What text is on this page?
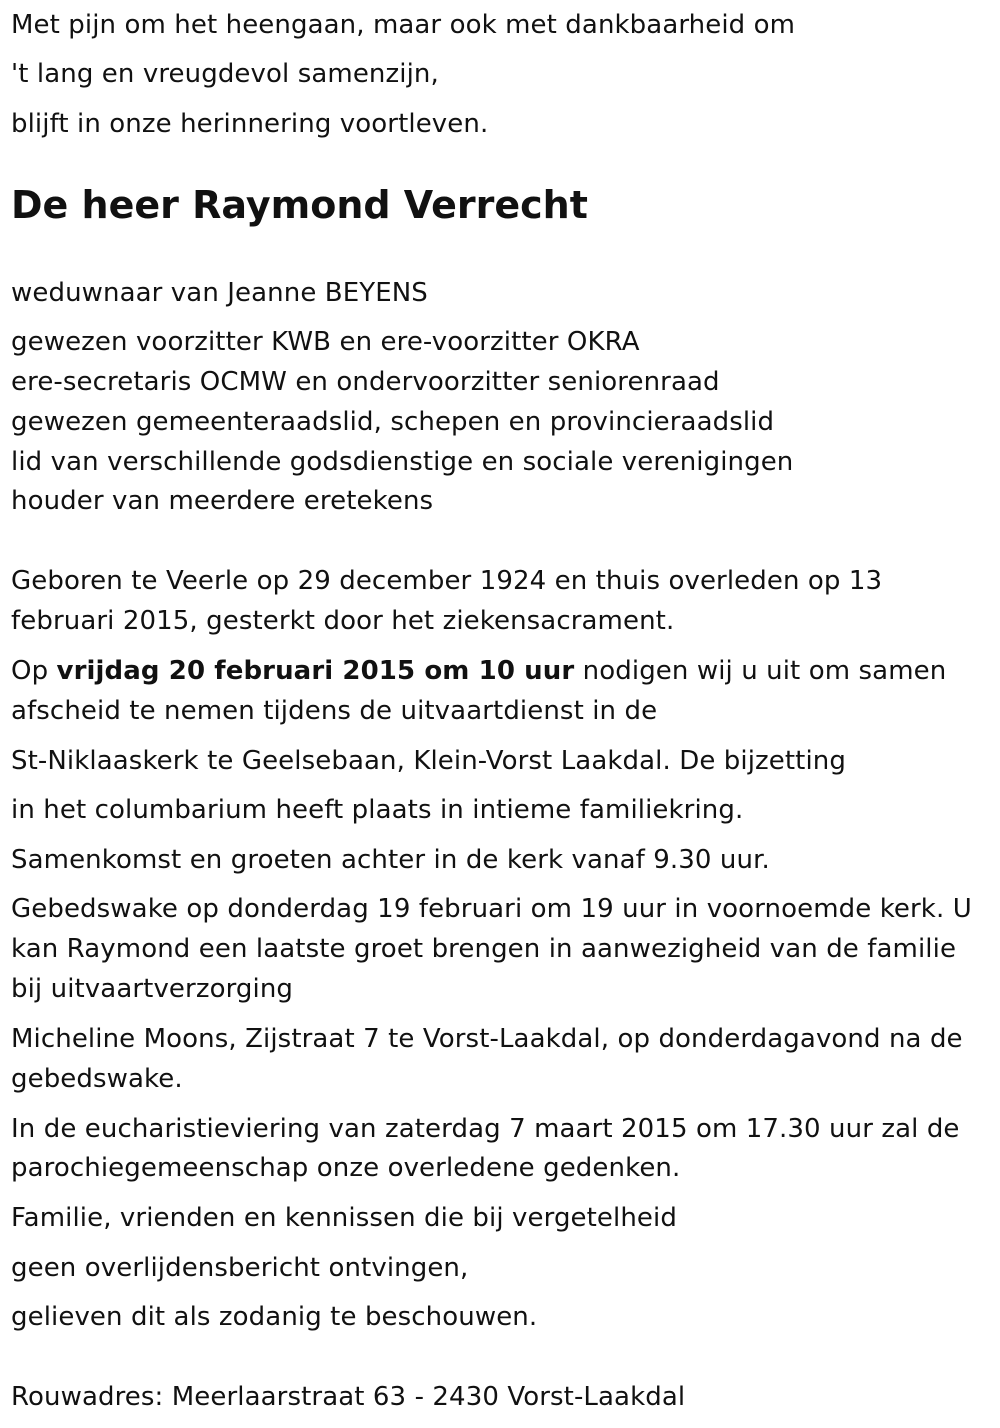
Met pijn om het heengaan, maar ook met dankbaarheid om
't lang en vreugdevol samenzijn,
blijft in onze herinnering voortleven.
De heer Raymond Verrecht
weduwnaar van Jeanne BEYENS
gewezen voorzitter KWB en ere-voorzitter OKRA
ere-secretaris OCMW en ondervoorzitter seniorenraad
gewezen gemeenteraadslid, schepen en provincieraadslid
lid van verschillende godsdienstige en sociale verenigingen
houder van meerdere eretekens
Geboren te Veerle op 29 december 1924 en thuis overleden op 13
februari 2015, gesterkt door het ziekensacrament.
Op vrijdag 20 februari 2015 om 10 uur nodigen wij u uit om samen
afscheid te nemen tijdens de uitvaartdienst in de
St-Niklaaskerk te Geelsebaan, Klein-Vorst Laakdal. De bijzetting
in het columbarium heeft plaats in intieme familiekring.
Samenkomst en groeten achter in de kerk vanaf 9.30 uur.
Gebedswake op donderdag 19 februari om 19 uur in voornoemde kerk. U
kan Raymond een laatste groet brengen in aanwezigheid van de familie
bij uitvaartverzorging
Micheline Moons, Zijstraat 7 te Vorst-Laakdal, op donderdagavond na de
gebedswake.
In de eucharistieviering van zaterdag 7 maart 2015 om 17.30 uur zal de
parochiegemeenschap onze overledene gedenken.
Familie, vrienden en kennissen die bij vergetelheid
geen overlijdensbericht ontvingen,
gelieven dit als zodanig te beschouwen.
Rouwadres: Meerlaarstraat 63 - 2430 Vorst-Laakdal
